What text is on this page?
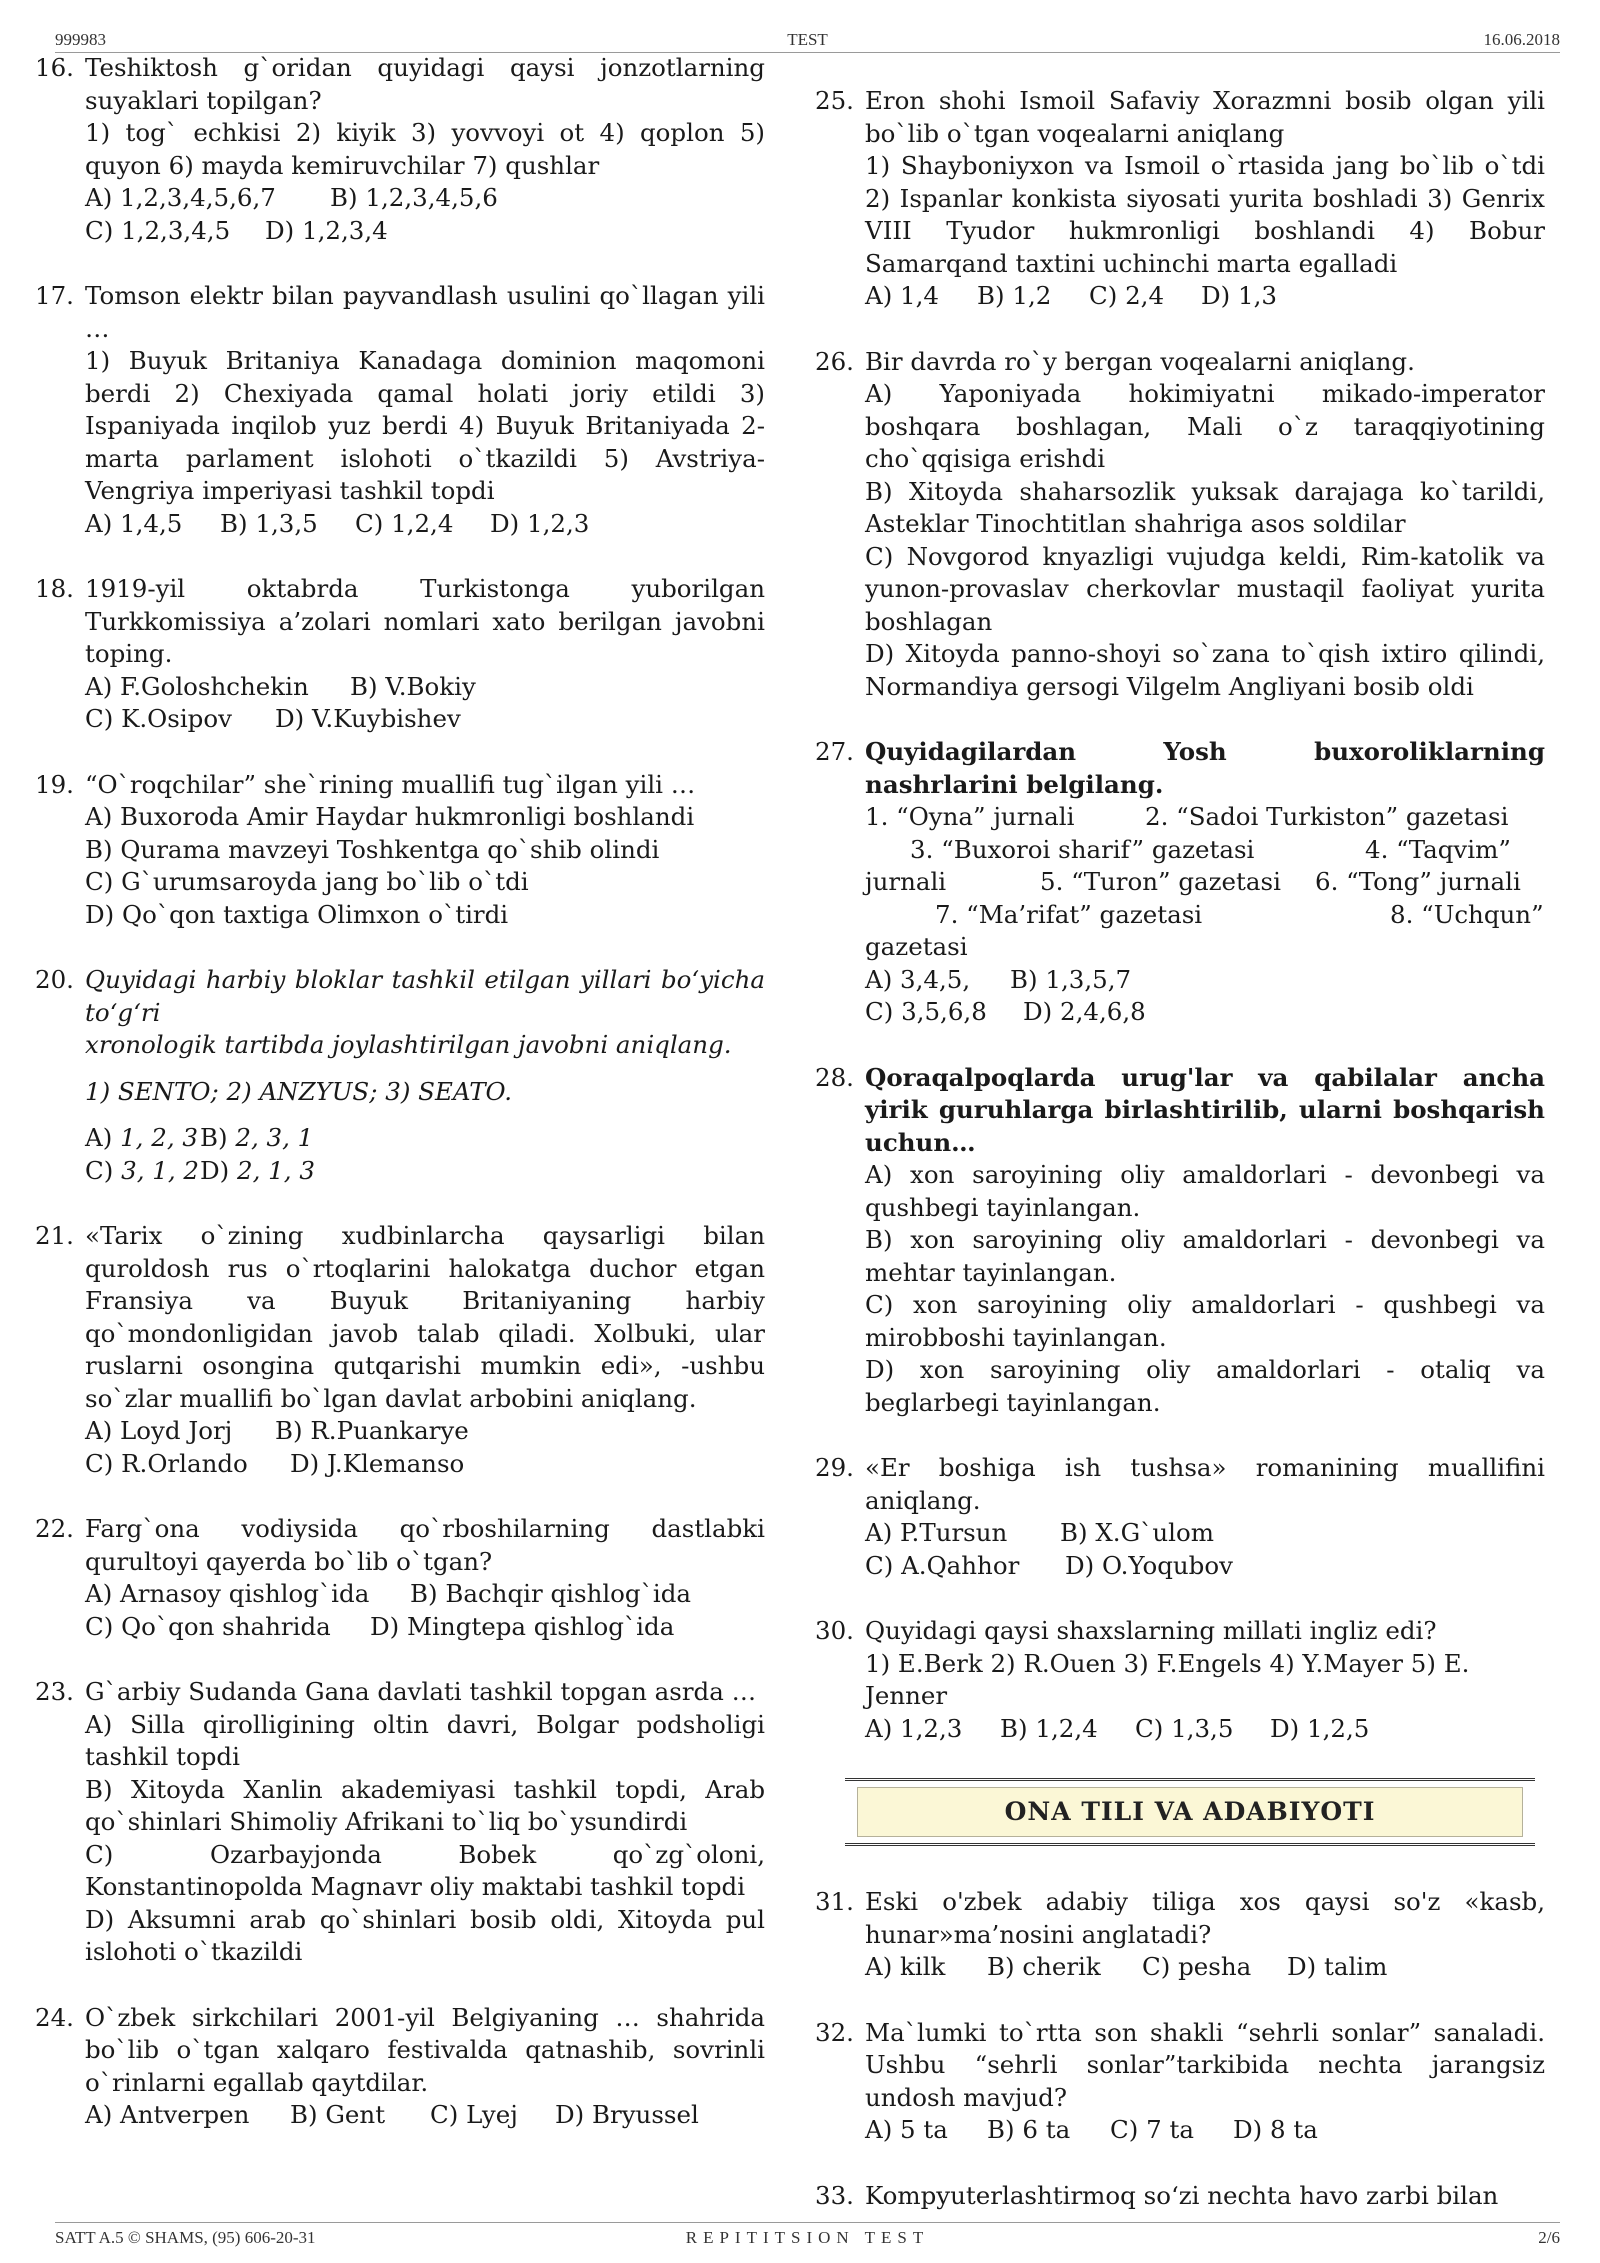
999983	TEST	16.06.2018
16. Teshiktosh g`oridan quyidagi qaysi jonzotlarning suyaklari topilgan?
1) tog` echkisi 2) kiyik 3) yovvoyi ot 4) qoplon 5) quyon 6) mayda kemiruvchilar 7) qushlar
A) 1,2,3,4,5,6,7 B) 1,2,3,4,5,6
C) 1,2,3,4,5 D) 1,2,3,4
17. Tomson elektr bilan payvandlash usulini qo`llagan yili …
1) Buyuk Britaniya Kanadaga dominion maqomoni berdi 2) Chexiyada qamal holati joriy etildi 3) Ispaniyada inqilob yuz berdi 4) Buyuk Britaniyada 2-marta parlament islohoti o`tkazildi 5) Avstriya-Vengriya imperiyasi tashkil topdi
A) 1,4,5 B) 1,3,5 C) 1,2,4 D) 1,2,3
18. 1919-yil oktabrda Turkistonga yuborilgan Turkkomissiya a’zolari nomlari xato berilgan javobni toping.
A) F.Goloshchekin B) V.Bokiy
C) K.Osipov D) V.Kuybishev
19. “O`roqchilar” she`rining muallifi tug`ilgan yili …
A) Buxoroda Amir Haydar hukmronligi boshlandi
B) Qurama mavzeyi Toshkentga qo`shib olindi
C) G`urumsaroyda jang bo`lib o`tdi
D) Qo`qon taxtiga Olimxon o`tirdi
20. Quyidagi harbiy bloklar tashkil etilgan yillari bo‘yicha to‘g‘ri
xronologik tartibda joylashtirilgan javobni aniqlang.
1) SENTO; 2) ANZYUS; 3) SEATO.
A) 1, 2, 3B) 2, 3, 1
C) 3, 1, 2D) 2, 1, 3
21. «Tarix o`zining xudbinlarcha qaysarligi bilan quroldosh rus o`rtoqlarini halokatga duchor etgan Fransiya va Buyuk Britaniyaning harbiy qo`mondonligidan javob talab qiladi. Xolbuki, ular ruslarni osongina qutqarishi mumkin edi», -ushbu so`zlar muallifi bo`lgan davlat arbobini aniqlang.
A) Loyd Jorj B) R.Puankarye
C) R.Orlando D) J.Klemanso
22. Farg`ona vodiysida qo`rboshilarning dastlabki qurultoyi qayerda bo`lib o`tgan?
A) Arnasoy qishlog`ida B) Bachqir qishlog`ida
C) Qo`qon shahrida D) Mingtepa qishlog`ida
23. G`arbiy Sudanda Gana davlati tashkil topgan asrda …
A) Silla qirolligining oltin davri, Bolgar podsholigi tashkil topdi
B) Xitoyda Xanlin akademiyasi tashkil topdi, Arab qo`shinlari Shimoliy Afrikani to`liq bo`ysundirdi
C)	Ozarbayjonda Bobek qo`zg`oloni, Konstantinopolda Magnavr oliy maktabi tashkil topdi
D) Aksumni arab qo`shinlari bosib oldi, Xitoyda pul islohoti o`tkazildi
24. O`zbek sirkchilari 2001-yil Belgiyaning … shahrida bo`lib o`tgan xalqaro festivalda qatnashib, sovrinli o`rinlarni egallab qaytdilar.
A) Antverpen B) Gent C) Lyej D) Bryussel
25. Eron shohi Ismoil Safaviy Xorazmni bosib olgan yili bo`lib o`tgan voqealarni aniqlang
1) Shayboniyxon va Ismoil o`rtasida jang bo`lib o`tdi 2) Ispanlar konkista siyosati yurita boshladi 3) Genrix VIII Tyudor hukmronligi boshlandi 4) Bobur Samarqand taxtini uchinchi marta egalladi
A) 1,4 B) 1,2 C) 2,4 D) 1,3
26. Bir davrda ro`y bergan voqealarni aniqlang.
A) Yaponiyada hokimiyatni mikado-imperator boshqara boshlagan, Mali o`z taraqqiyotining cho`qqisiga erishdi
B) Xitoyda shaharsozlik yuksak darajaga ko`tarildi, Asteklar Tinochtitlan shahriga asos soldilar
C) Novgorod knyazligi vujudga keldi, Rim-katolik va yunon-provaslav cherkovlar mustaqil faoliyat yurita boshlagan
D) Xitoyda panno-shoyi so`zana to`qish ixtiro qilindi, Normandiya gersogi Vilgelm Angliyani bosib oldi
27. Quyidagilardan Yosh buxoroliklarning nashrlarini belgilang.
1. “Oyna” jurnali	2. “Sadoi Turkiston” gazetasi
3. “Buxoroi sharif” gazetasi	4. “Taqvim”
jurnali	5. “Turon” gazetasi 6. “Tong” jurnali
7. “Ma’rifat” gazetasi	8. “Uchqun”
gazetasi
A) 3,4,5, B) 1,3,5,7
C) 3,5,6,8 D) 2,4,6,8
28. Qoraqalpoqlarda urug'lar va qabilalar ancha yirik guruhlarga birlashtirilib, ularni boshqarish uchun…
A) xon saroyining oliy amaldorlari - devonbegi va qushbegi tayinlangan.
B) xon saroyining oliy amaldorlari - devonbegi va mehtar tayinlangan.
C) xon saroyining oliy amaldorlari - qushbegi va mirobboshi tayinlangan.
D) xon saroyining oliy amaldorlari - otaliq va beglarbegi tayinlangan.
29. «Er boshiga ish tushsa» romanining muallifini aniqlang.
A) P.Tursun B) X.G`ulom
C) A.Qahhor D) O.Yoqubov
30. Quyidagi qaysi shaxslarning millati ingliz edi?
1) E.Berk 2) R.Ouen 3) F.Engels 4) Y.Mayer 5) E. Jenner
A) 1,2,3 B) 1,2,4 C) 1,3,5 D) 1,2,5
ONA TILI VA ADABIYOTI
31. Eski o'zbek adabiy tiliga xos qaysi so'z «kasb, hunar»ma’nosini anglatadi?
A) kilk B) cherik C) pesha D) talim
32. Ma`lumki to`rtta son shakli “sehrli sonlar” sanaladi. Ushbu “sehrli sonlar”tarkibida nechta jarangsiz undosh mavjud?
A) 5 ta B) 6 ta C) 7 ta D) 8 ta
33. Kompyuterlashtirmoq so‘zi nechta havo zarbi bilan
SATT A.5 © SHAMS, (95) 606-20-31	REPITITSION TEST	2/6
